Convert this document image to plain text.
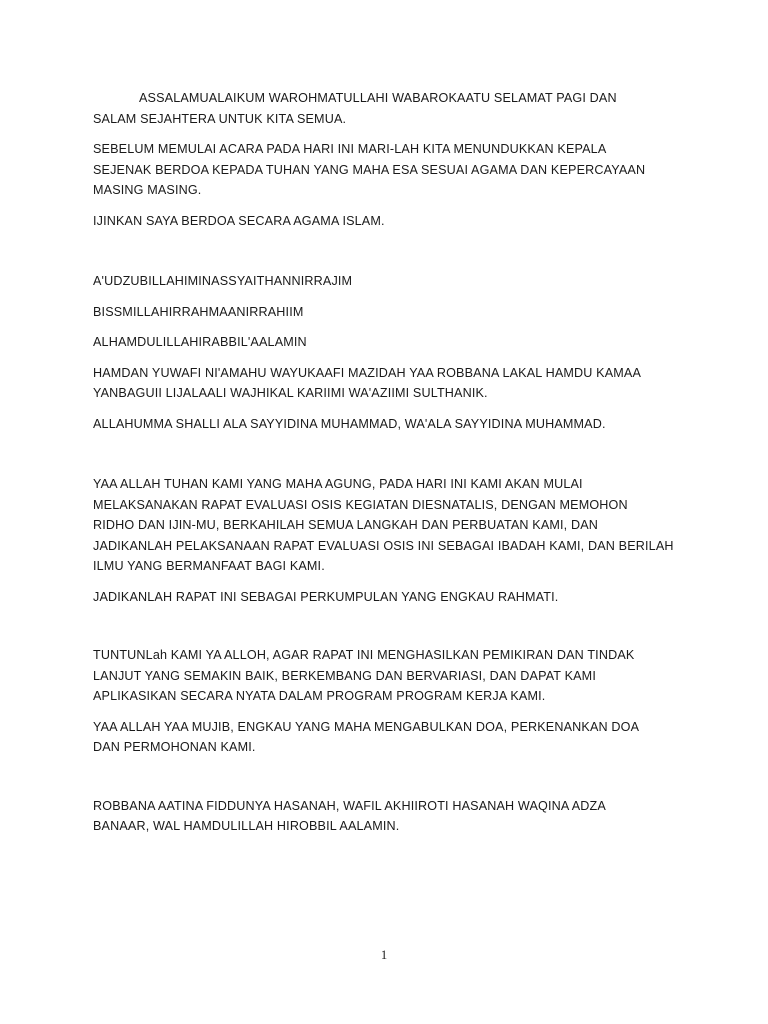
ASSALAMUALAIKUM WAROHMATULLAHI WABAROKAATU SELAMAT PAGI DAN
SALAM SEJAHTERA UNTUK KITA SEMUA.

SEBELUM MEMULAI ACARA PADA HARI INI MARI-LAH KITA MENUNDUKKAN KEPALA
SEJENAK BERDOA KEPADA TUHAN YANG MAHA ESA SESUAI AGAMA DAN KEPERCAYAAN
MASING MASING.

IJINKAN SAYA BERDOA SECARA AGAMA ISLAM.

A'UDZUBILLAHIMINASSYAITHANNIRRAJIM

BISSMILLAHIRRAHMAANIRRAHIIM

ALHAMDULILLAHIRABBIL'AALAMIN

HAMDAN YUWAFI NI'AMAHU WAYUKAAFI MAZIDAH YAA ROBBANA LAKAL HAMDU KAMAA
YANBAGUII LIJALAALI WAJHIKAL KARIIMI WA'AZIIMI SULTHANIK.

ALLAHUMMA SHALLI ALA SAYYIDINA MUHAMMAD, WA'ALA SAYYIDINA MUHAMMAD.

YAA ALLAH TUHAN KAMI YANG MAHA AGUNG, PADA HARI INI KAMI AKAN MULAI
MELAKSANAKAN RAPAT EVALUASI OSIS KEGIATAN DIESNATALIS, DENGAN MEMOHON
RIDHO DAN IJIN-MU, BERKAHILAH SEMUA LANGKAH DAN PERBUATAN KAMI, DAN
JADIKANLAH PELAKSANAAN RAPAT EVALUASI OSIS INI SEBAGAI IBADAH KAMI, DAN BERILAH
ILMU YANG BERMANFAAT BAGI KAMI.

JADIKANLAH RAPAT INI SEBAGAI PERKUMPULAN YANG ENGKAU RAHMATI.

TUNTUNLah KAMI YA ALLOH, AGAR RAPAT INI MENGHASILKAN PEMIKIRAN DAN TINDAK
LANJUT YANG SEMAKIN BAIK, BERKEMBANG DAN BERVARIASI, DAN DAPAT KAMI
APLIKASIKAN SECARA NYATA DALAM PROGRAM PROGRAM KERJA KAMI.

YAA ALLAH YAA MUJIB, ENGKAU YANG MAHA MENGABULKAN DOA, PERKENANKAN DOA
DAN PERMOHONAN KAMI.

ROBBANA AATINA FIDDUNYA HASANAH, WAFIL AKHIIROTI HASANAH WAQINA ADZA
BANAAR, WAL HAMDULILLAH HIROBBIL AALAMIN.

1
